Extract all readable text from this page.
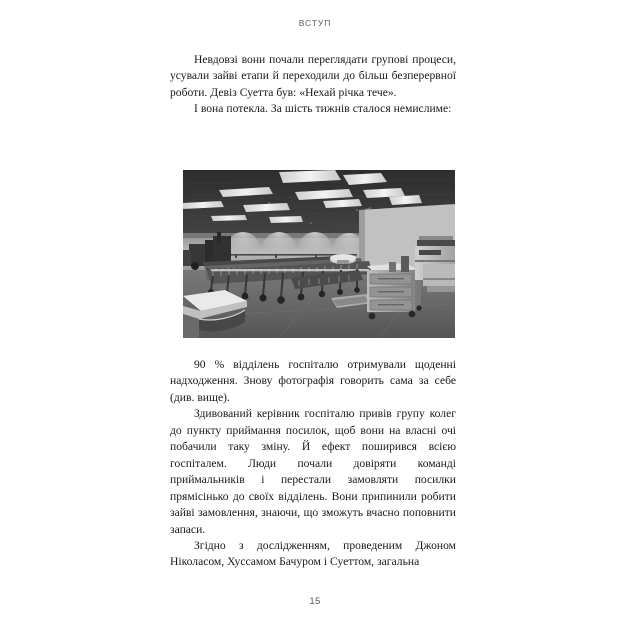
ВСТУП

Невдовзі вони почали переглядати групові процеси, усували зайві етапи й переходили до більш безперервної роботи. Девіз Суетта був: «Нехай річка тече».

І вона потекла. За шість тижнів сталося немислиме:

90 % відділень госпіталю отримували щоденні надходження. Знову фотографія говорить сама за себе (див. вище).

Здивований керівник госпіталю привів групу колег до пункту приймання посилок, щоб вони на власні очі побачили таку зміну. Й ефект поширився всією госпіталем. Люди почали довіряти команді приймальників і перестали замовляти посилки прямісінько до своїх відділень. Вони припинили робити зайві замовлення, знаючи, що зможуть вчасно поповнити запаси.

Згідно з дослідженням, проведеним Джоном Ніколасом, Хуссамом Бачуром і Суеттом, загальна

15
